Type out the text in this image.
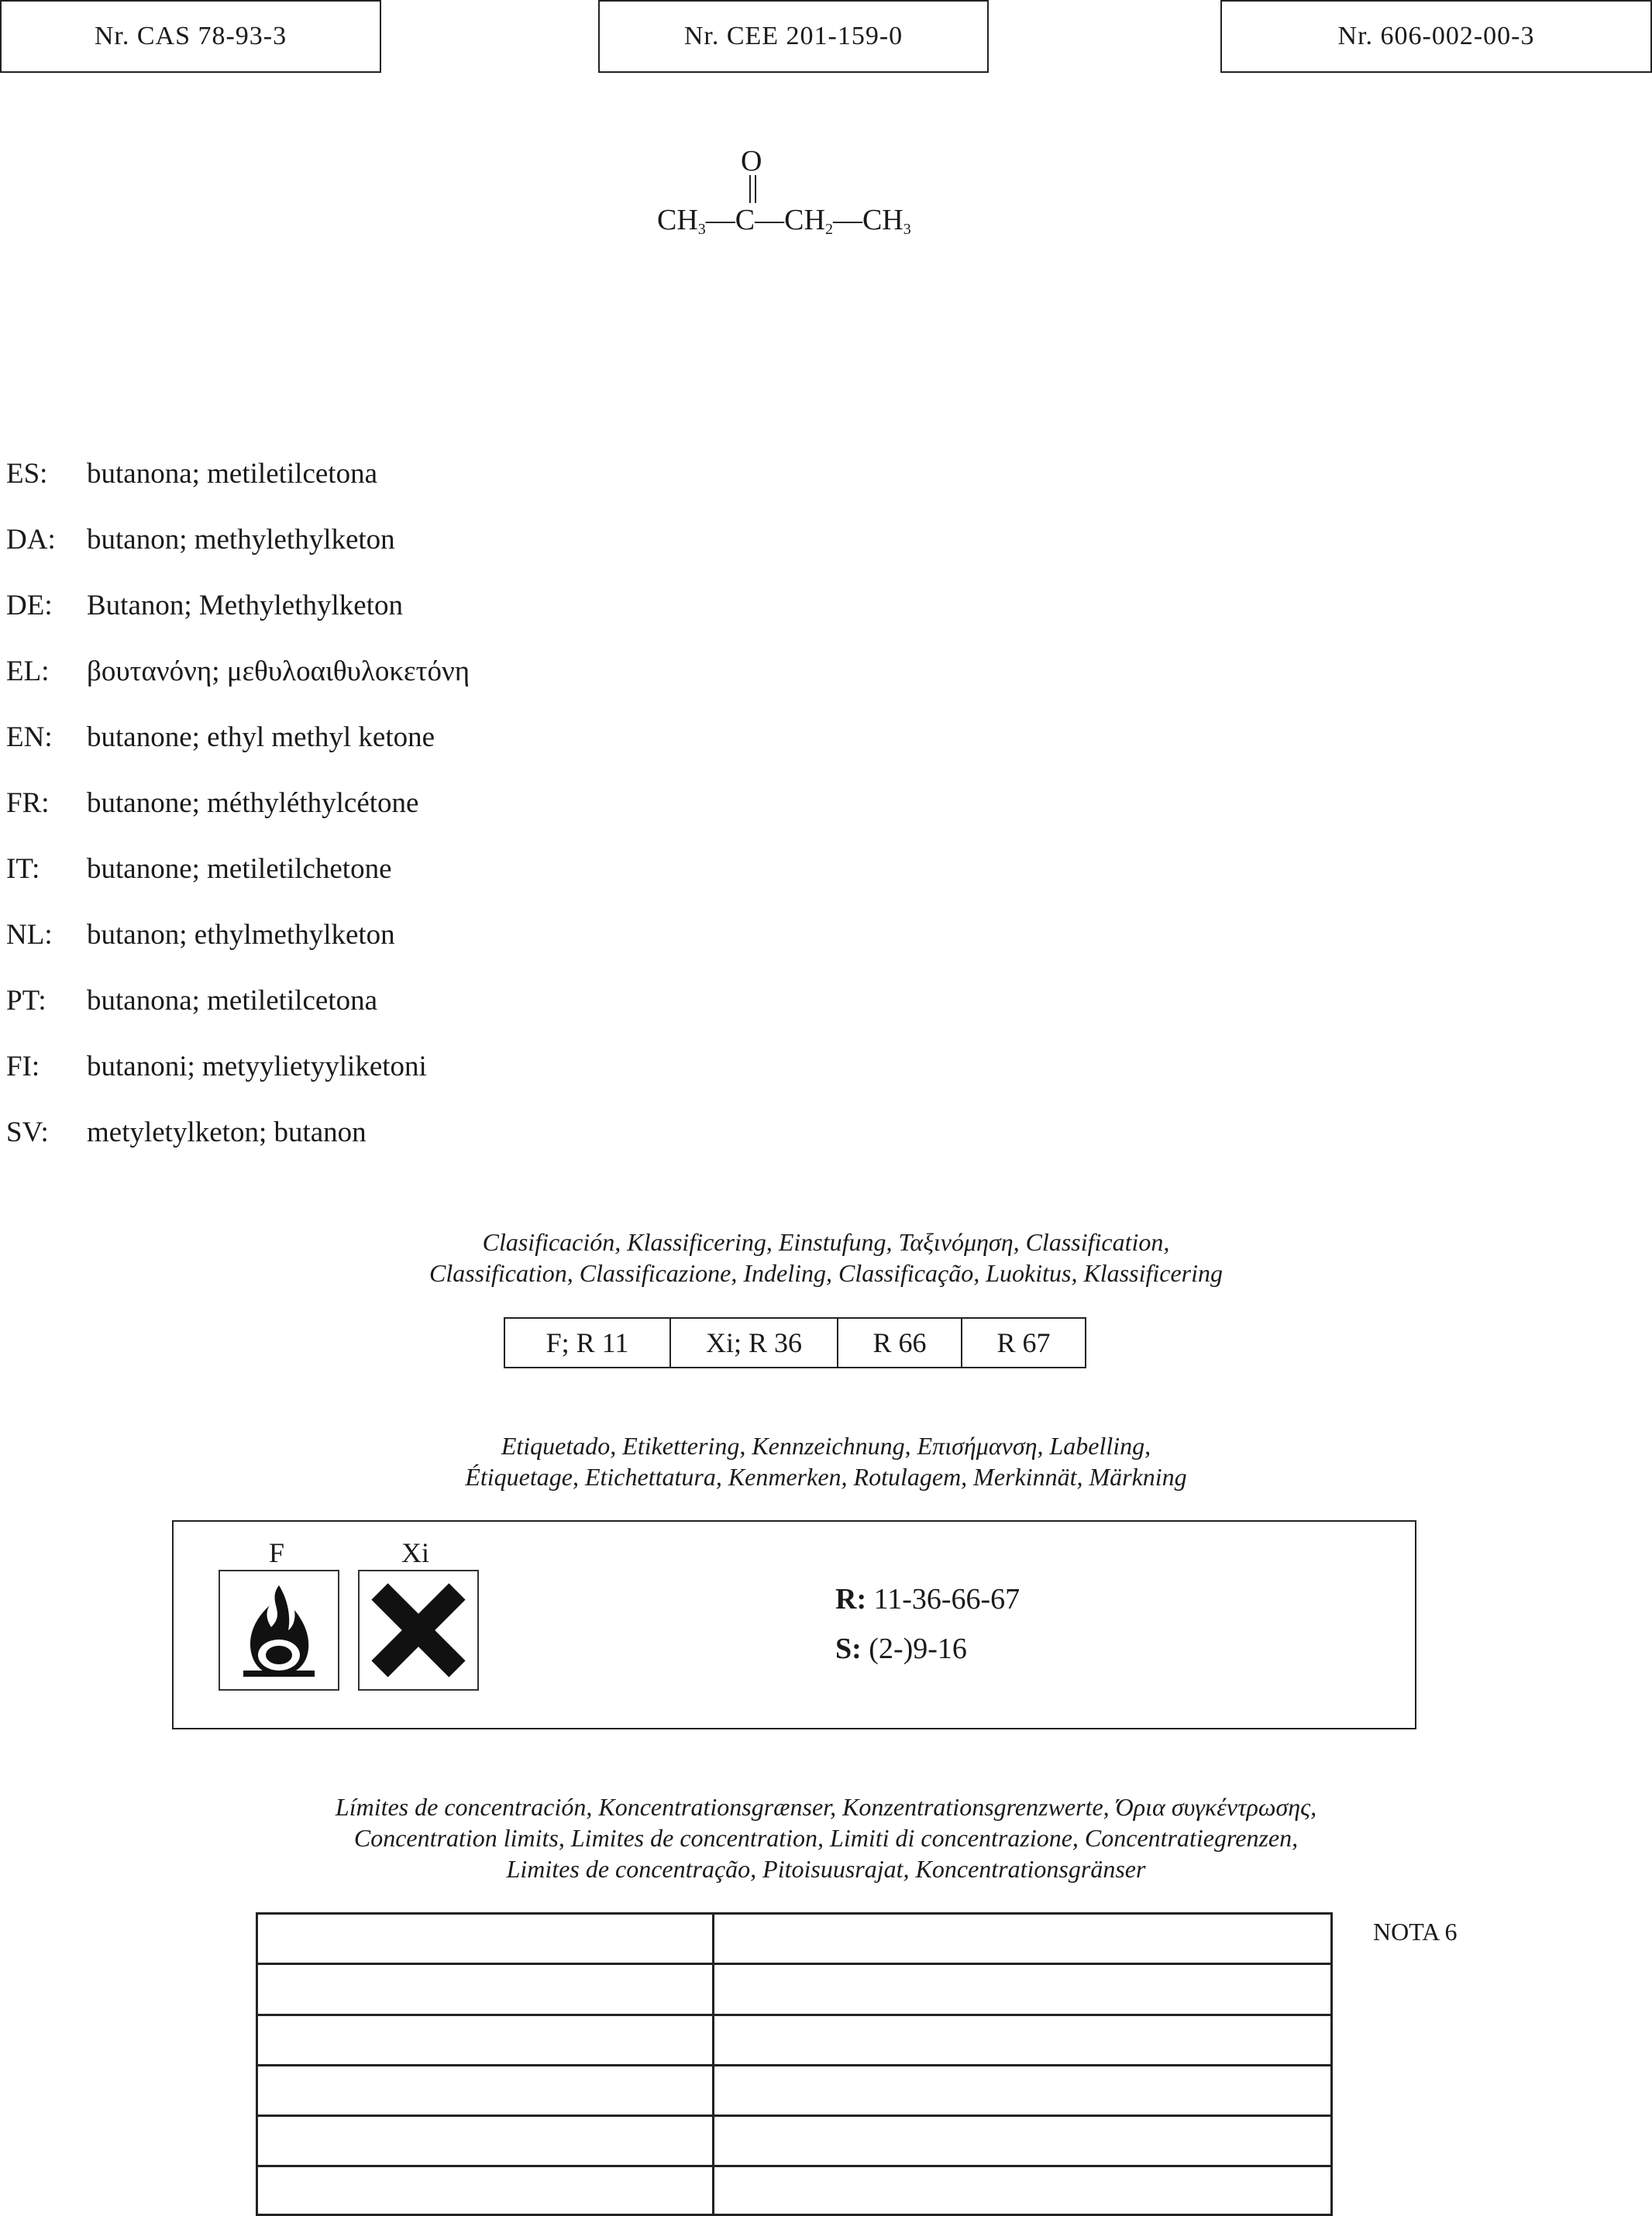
Nr. CAS 78-93-3	Nr. CEE 201-159-0	Nr. 606-002-00-3
O
$CH_3—C—CH_2—CH_3$
ES: butanona; metiletilcetona
DA: butanon; methylethylketon
DE: Butanon; Methylethylketon
EL: βουτανόνη; μεθυλοαιθυλοκετόνη
EN: butanone; ethyl methyl ketone
FR: butanone; méthyléthylcétone
IT: butanone; metiletilchetone
NL: butanon; ethylmethylketon
PT: butanona; metiletilcetona
FI: butanoni; metyylietyyliketoni
SV: metyletylketon; butanon
Clasificación, Klassificering, Einstufung, Ταξινόμηση, Classification,
Classification, Classificazione, Indeling, Classificação, Luokitus, Klassificering
F; R 11	Xi; R 36	R 66	R 67
Etiquetado, Etikettering, Kennzeichnung, Επισήμανση, Labelling,
Étiquetage, Etichettatura, Kenmerken, Rotulagem, Merkinnät, Märkning
F	Xi
R: 11-36-66-67
S: (2-)9-16
Límites de concentración, Koncentrationsgrænser, Konzentrationsgrenzwerte, Όρια συγκέντρωσης,
Concentration limits, Limites de concentration, Limiti di concentrazione, Concentratiegrenzen,
Limites de concentração, Pitoisuusrajat, Koncentrationsgränser
NOTA 6
